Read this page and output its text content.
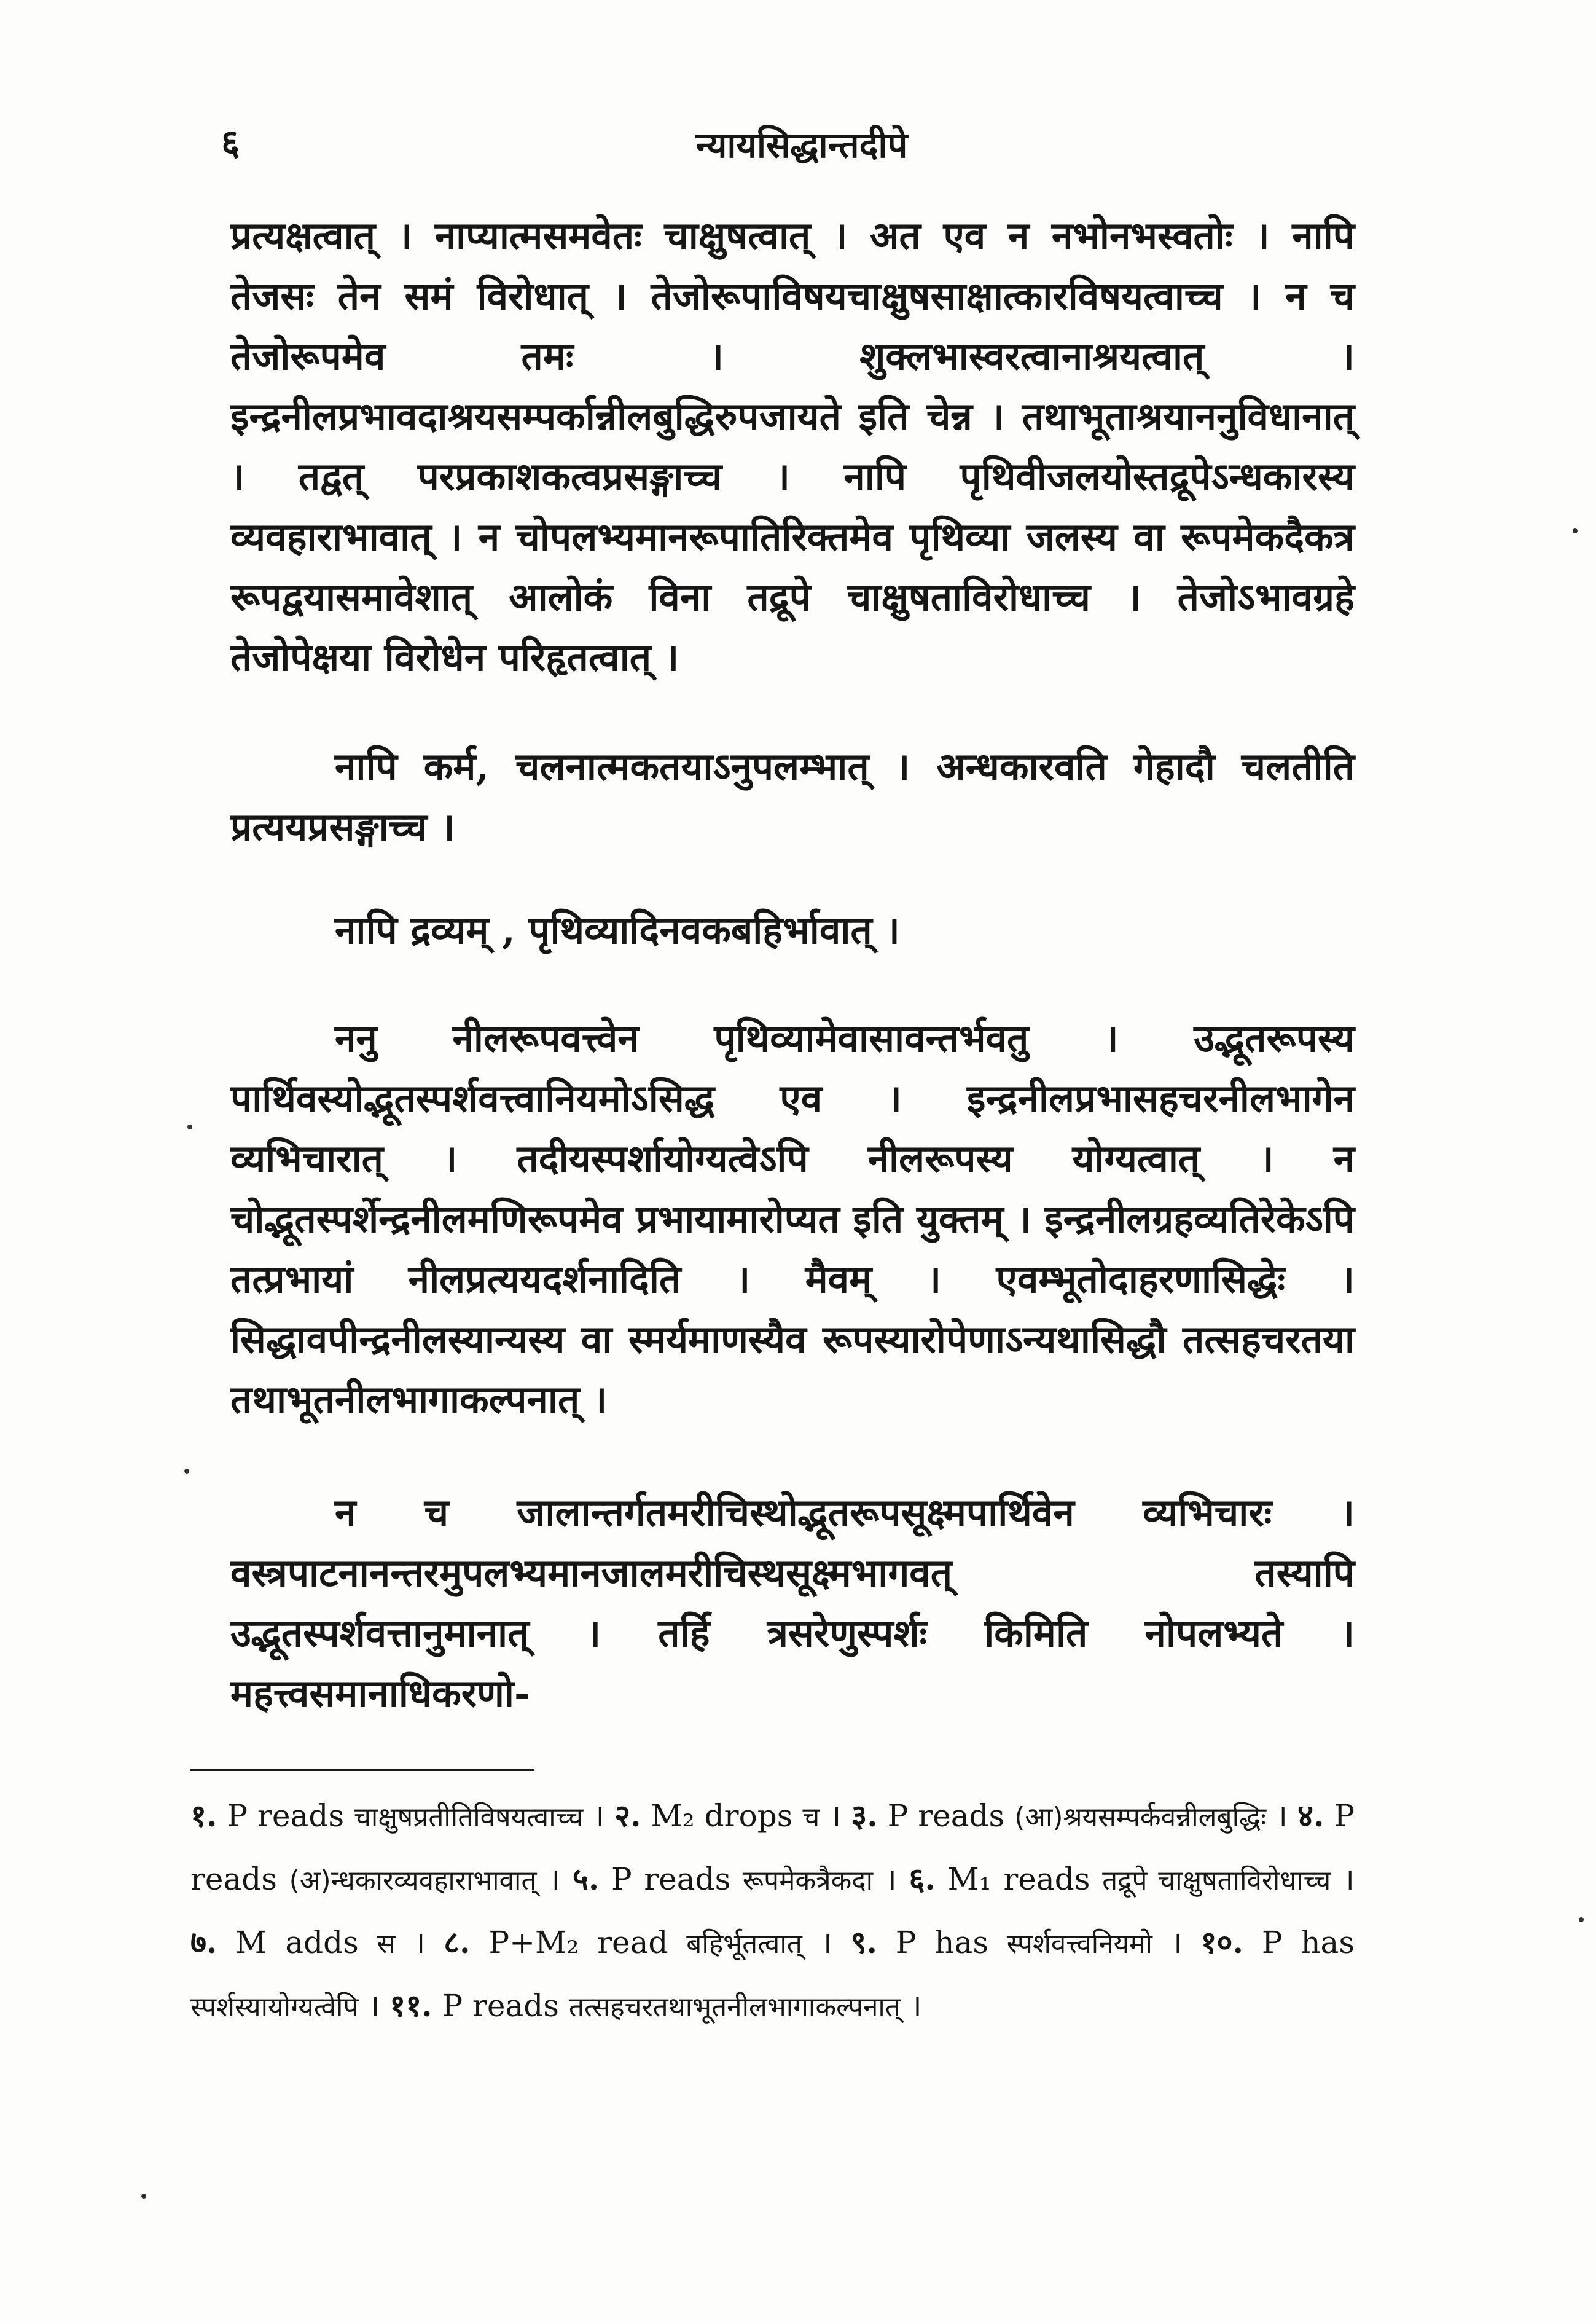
६	न्यायसिद्धान्तदीपे

प्रत्यक्षत्वात् । नाप्यात्मसमवेतः चाक्षुषत्वात् । अत एव न नभोनभस्वतोः । नापि तेजसः तेन समं विरोधात् । तेजोरूपाविषयचाक्षुषसाक्षात्कारविषयत्वाच्च । न च तेजोरूपमेव तमः । शुक्लभास्वरत्वानाश्रयत्वात् । इन्द्रनीलप्रभावदाश्रयसम्पर्कान्नीलबुद्धिरुपजायते इति चेन्न । तथाभूताश्रयाननुविधानात् । तद्वत् परप्रकाशकत्वप्रसङ्गाच्च । नापि पृथिवीजलयोस्तद्रूपेऽन्धकारस्य व्यवहाराभावात् । न चोपलभ्यमानरूपातिरिक्तमेव पृथिव्या जलस्य वा रूपमेकदैकत्र रूपद्वयासमावेशात् आलोकं विना तद्रूपे चाक्षुषताविरोधाच्च । तेजोऽभावग्रहे तेजोपेक्षया विरोधेन परिहृतत्वात् ।

नापि कर्म, चलनात्मकतयाऽनुपलम्भात् । अन्धकारवति गेहादौ चलतीति प्रत्ययप्रसङ्गाच्च ।

नापि द्रव्यम् , पृथिव्यादिनवकबहिर्भावात् ।

ननु नीलरूपवत्त्वेन पृथिव्यामेवासावन्तर्भवतु । उद्भूतरूपस्य पार्थिवस्योद्भूतस्पर्शवत्त्वानियमोऽसिद्ध एव । इन्द्रनीलप्रभासहचरनीलभागेन व्यभिचारात् । तदीयस्पर्शायोग्यत्वेऽपि नीलरूपस्य योग्यत्वात् । न चोद्भूतस्पर्शेन्द्रनीलमणिरूपमेव प्रभायामारोप्यत इति युक्तम् । इन्द्रनीलग्रहव्यतिरेकेऽपि तत्प्रभायां नीलप्रत्ययदर्शनादिति । मैवम् । एवम्भूतोदाहरणासिद्धेः । सिद्धावपीन्द्रनीलस्यान्यस्य वा स्मर्यमाणस्यैव रूपस्यारोपेणाऽन्यथासिद्धौ तत्सहचरतया तथाभूतनीलभागाकल्पनात् ।

न च जालान्तर्गतमरीचिस्थोद्भूतरूपसूक्ष्मपार्थिवेन व्यभिचारः । वस्त्रपाटनानन्तरमुपलभ्यमानजालमरीचिस्थसूक्ष्मभागवत् तस्यापि उद्भूतस्पर्शवत्तानुमानात् । तर्हि त्रसरेणुस्पर्शः किमिति नोपलभ्यते । महत्त्वसमानाधिकरणो-

१. P reads चाक्षुषप्रतीतिविषयत्वाच्च । २. M₂ drops च । ३. P reads (आ)श्रयसम्पर्कवन्नीलबुद्धिः । ४. P reads (अ)न्धकारव्यवहाराभावात् । ५. P reads रूपमेकत्रैकदा । ६. M₁ reads तद्रूपे चाक्षुषताविरोधाच्च । ७. M adds स । ८. P+M₂ read बहिर्भूतत्वात् । ९. P has स्पर्शवत्त्वनियमो । १०. P has स्पर्शस्यायोग्यत्वेपि । ११. P reads तत्सहचरतथाभूतनीलभागाकल्पनात् ।
